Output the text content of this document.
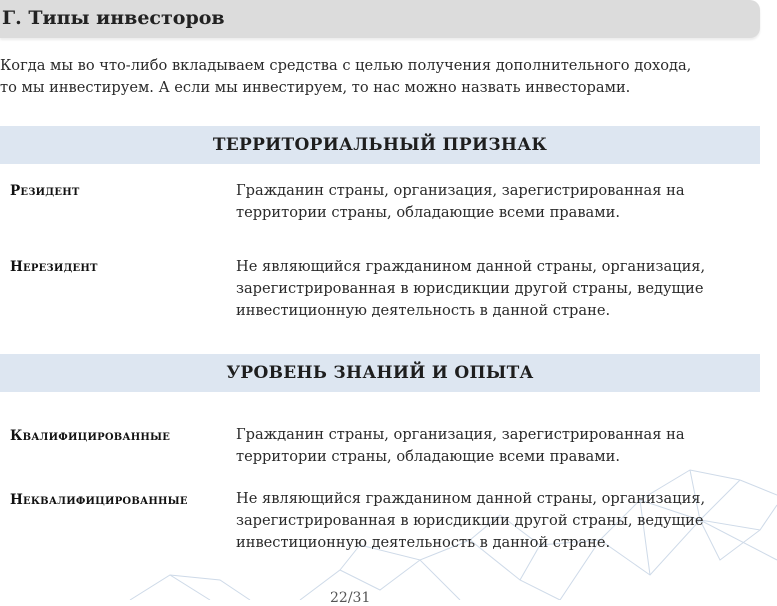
Г. Типы инвесторов
Когда мы во что-либо вкладываем средства с целью получения дополнительного дохода,
то мы инвестируем. А если мы инвестируем, то нас можно назвать инвесторами.
ТЕРРИТОРИАЛЬНЫЙ ПРИЗНАК
Резидент	Гражданин страны, организация, зарегистрированная на
территории страны, обладающие всеми правами.
Нерезидент	Не являющийся гражданином данной страны, организация,
зарегистрированная в юрисдикции другой страны, ведущие
инвестиционную деятельность в данной стране.
УРОВЕНЬ ЗНАНИЙ И ОПЫТА
Квалифицированные	Гражданин страны, организация, зарегистрированная на
территории страны, обладающие всеми правами.
Неквалифицированные	Не являющийся гражданином данной страны, организация,
зарегистрированная в юрисдикции другой страны, ведущие
инвестиционную деятельность в данной стране.
22/31
